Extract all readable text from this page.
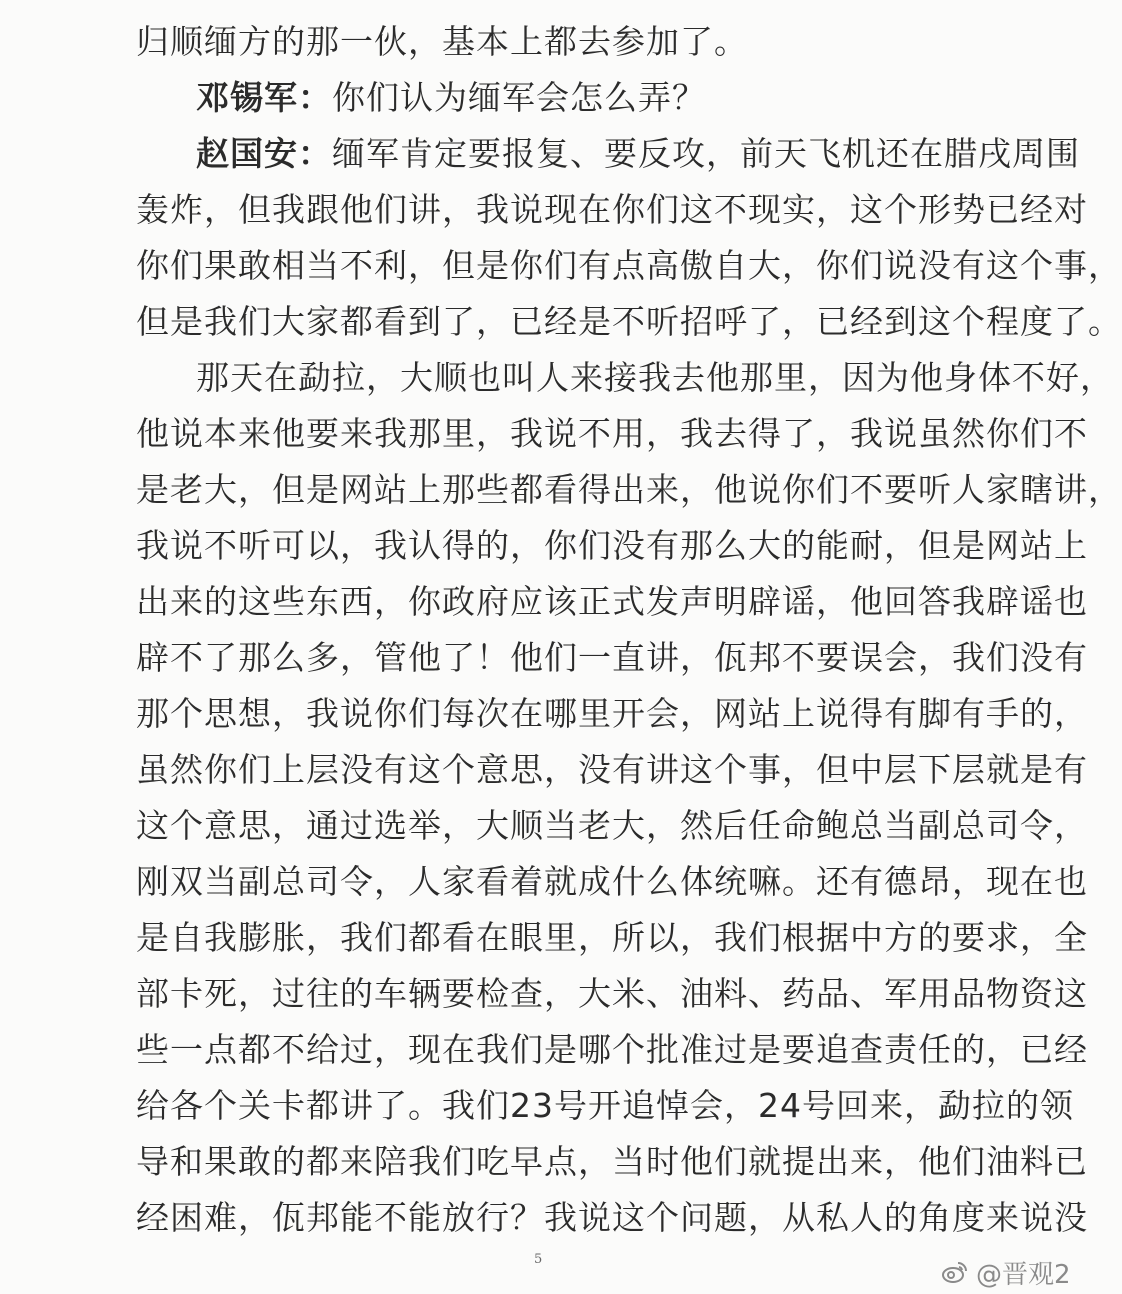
归顺缅方的那一伙，基本上都去参加了。
邓锡军：你们认为缅军会怎么弄？
赵国安：缅军肯定要报复、要反攻，前天飞机还在腊戌周围
轰炸，但我跟他们讲，我说现在你们这不现实，这个形势已经对
你们果敢相当不利，但是你们有点高傲自大，你们说没有这个事，
但是我们大家都看到了，已经是不听招呼了，已经到这个程度了。
那天在勐拉，大顺也叫人来接我去他那里，因为他身体不好，
他说本来他要来我那里，我说不用，我去得了，我说虽然你们不
是老大，但是网站上那些都看得出来，他说你们不要听人家瞎讲，
我说不听可以，我认得的，你们没有那么大的能耐，但是网站上
出来的这些东西，你政府应该正式发声明辟谣，他回答我辟谣也
辟不了那么多，管他了！他们一直讲，佤邦不要误会，我们没有
那个思想，我说你们每次在哪里开会，网站上说得有脚有手的，
虽然你们上层没有这个意思，没有讲这个事，但中层下层就是有
这个意思，通过选举，大顺当老大，然后任命鲍总当副总司令，
刚双当副总司令，人家看着就成什么体统嘛。还有德昂，现在也
是自我膨胀，我们都看在眼里，所以，我们根据中方的要求，全
部卡死，过往的车辆要检查，大米、油料、药品、军用品物资这
些一点都不给过，现在我们是哪个批准过是要追查责任的，已经
给各个关卡都讲了。我们23号开追悼会，24号回来，勐拉的领
导和果敢的都来陪我们吃早点，当时他们就提出来，他们油料已
经困难，佤邦能不能放行？我说这个问题，从私人的角度来说没
5	@晋观2
